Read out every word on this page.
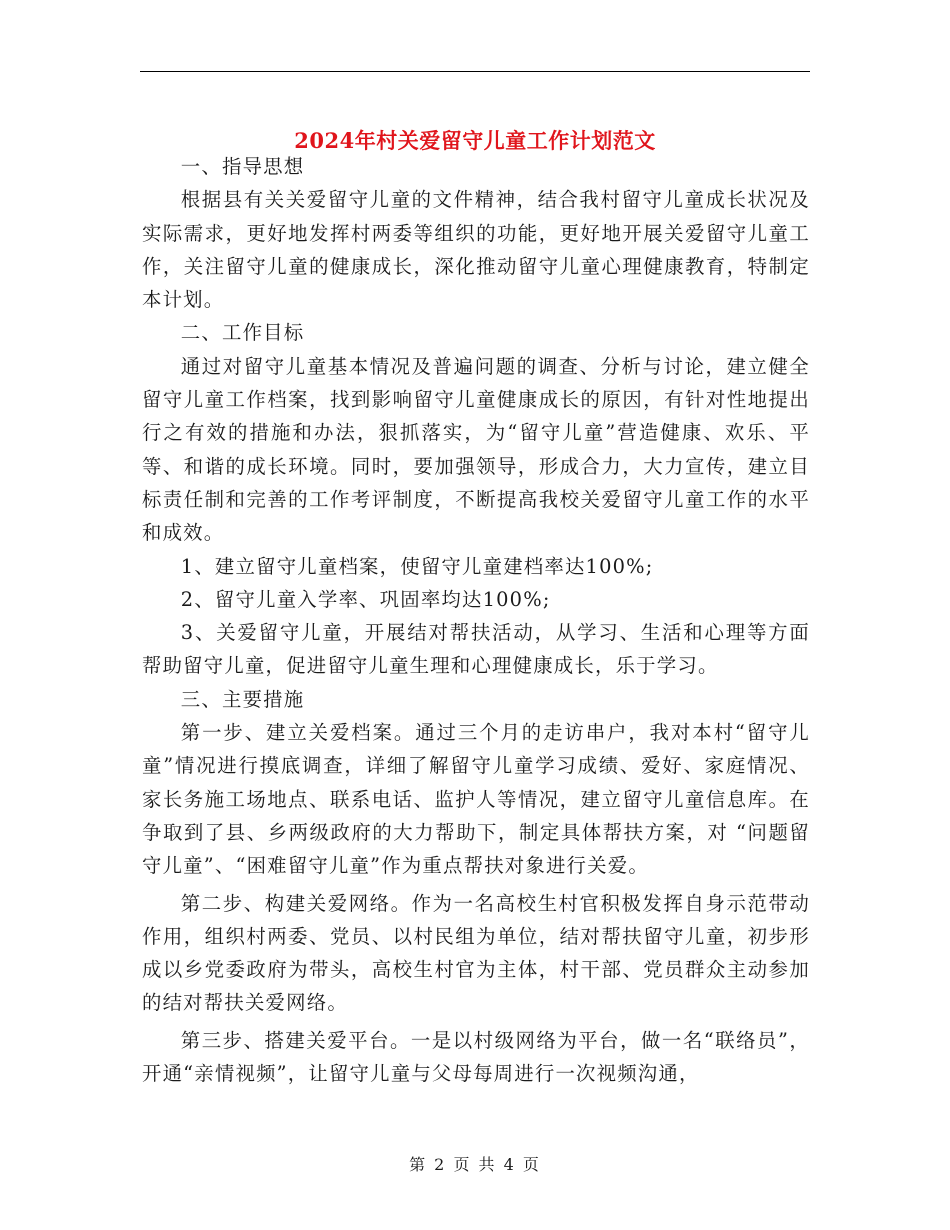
2024年村关爱留守儿童工作计划范文

一、指导思想

根据县有关关爱留守儿童的文件精神，结合我村留守儿童成长状况及实际需求，更好地发挥村两委等组织的功能，更好地开展关爱留守儿童工作，关注留守儿童的健康成长，深化推动留守儿童心理健康教育，特制定本计划。

二、工作目标

通过对留守儿童基本情况及普遍问题的调查、分析与讨论，建立健全留守儿童工作档案，找到影响留守儿童健康成长的原因，有针对性地提出行之有效的措施和办法，狠抓落实，为“留守儿童”营造健康、欢乐、平等、和谐的成长环境。同时，要加强领导，形成合力，大力宣传，建立目标责任制和完善的工作考评制度，不断提高我校关爱留守儿童工作的水平和成效。

1、建立留守儿童档案，使留守儿童建档率达100%;

2、留守儿童入学率、巩固率均达100%;

3、关爱留守儿童，开展结对帮扶活动，从学习、生活和心理等方面帮助留守儿童，促进留守儿童生理和心理健康成长，乐于学习。

三、主要措施

第一步、建立关爱档案。通过三个月的走访串户，我对本村“留守儿童”情况进行摸底调查，详细了解留守儿童学习成绩、爱好、家庭情况、家长务施工场地点、联系电话、监护人等情况，建立留守儿童信息库。在争取到了县、乡两级政府的大力帮助下，制定具体帮扶方案，对 “问题留守儿童”、“困难留守儿童”作为重点帮扶对象进行关爱。

第二步、构建关爱网络。作为一名高校生村官积极发挥自身示范带动作用，组织村两委、党员、以村民组为单位，结对帮扶留守儿童，初步形成以乡党委政府为带头，高校生村官为主体，村干部、党员群众主动参加的结对帮扶关爱网络。

第三步、搭建关爱平台。一是以村级网络为平台，做一名“联络员”，开通“亲情视频”，让留守儿童与父母每周进行一次视频沟通，

第 2 页 共 4 页
